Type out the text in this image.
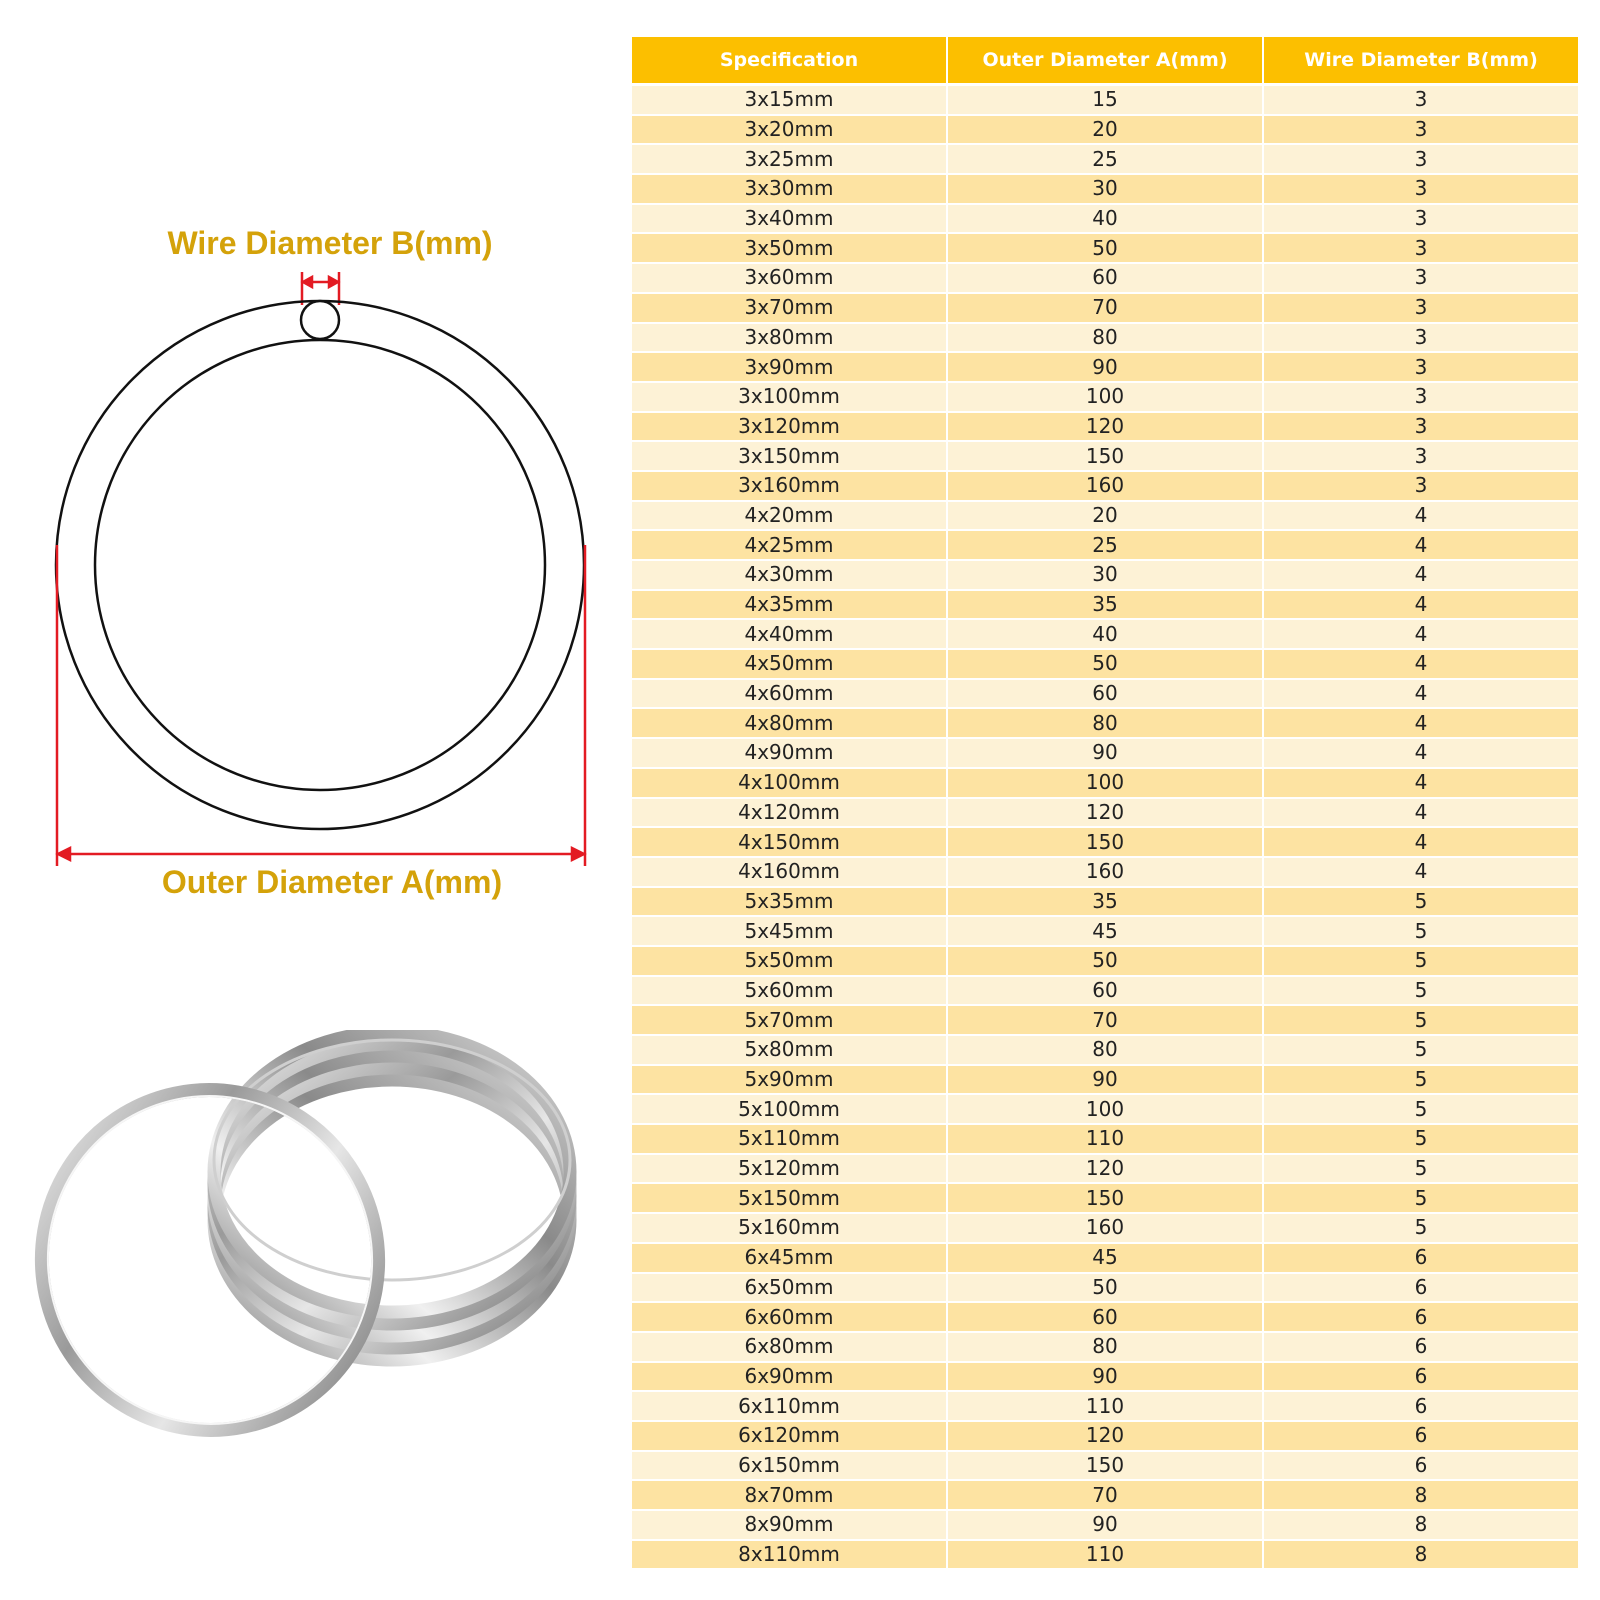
Wire Diameter B(mm)
Outer Diameter A(mm)
Specification	Outer Diameter A(mm)	Wire Diameter B(mm)
3x15mm	15	3
3x20mm	20	3
3x25mm	25	3
3x30mm	30	3
3x40mm	40	3
3x50mm	50	3
3x60mm	60	3
3x70mm	70	3
3x80mm	80	3
3x90mm	90	3
3x100mm	100	3
3x120mm	120	3
3x150mm	150	3
3x160mm	160	3
4x20mm	20	4
4x25mm	25	4
4x30mm	30	4
4x35mm	35	4
4x40mm	40	4
4x50mm	50	4
4x60mm	60	4
4x80mm	80	4
4x90mm	90	4
4x100mm	100	4
4x120mm	120	4
4x150mm	150	4
4x160mm	160	4
5x35mm	35	5
5x45mm	45	5
5x50mm	50	5
5x60mm	60	5
5x70mm	70	5
5x80mm	80	5
5x90mm	90	5
5x100mm	100	5
5x110mm	110	5
5x120mm	120	5
5x150mm	150	5
5x160mm	160	5
6x45mm	45	6
6x50mm	50	6
6x60mm	60	6
6x80mm	80	6
6x90mm	90	6
6x110mm	110	6
6x120mm	120	6
6x150mm	150	6
8x70mm	70	8
8x90mm	90	8
8x110mm	110	8
